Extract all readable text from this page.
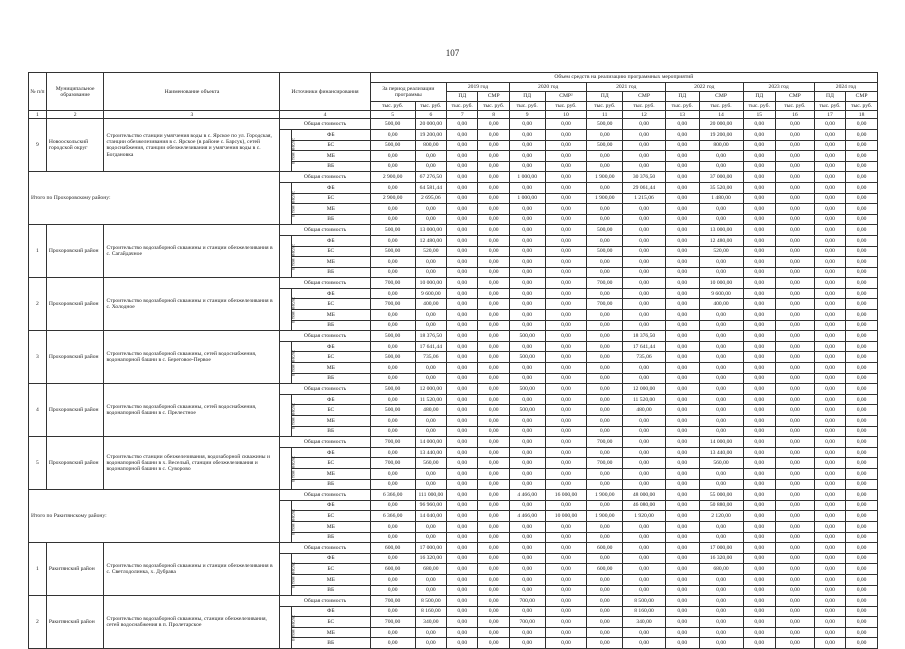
107
№ п/п	Муниципальное образование	Наименование объекта	Источники финансирования		Объем средств на реализацию программных мероприятий													
					За период реализации программы		2019 год		2020 год		2021 год		2022 год		2023 год		2024 год	
							ПД	СМР	ПД	СМР²	ПД	СМР	ПД	СМР	ПД	СМР	ПД	СМР
					тыс. руб.	тыс. руб.	тыс. руб.	тыс. руб.	тыс. руб.	тыс. руб.	тыс. руб.	тыс. руб.	тыс. руб.	тыс. руб.	тыс. руб.	тыс. руб.	тыс. руб.	тыс. руб.
1	2	3	4		5	6	7	8	9	10	11	12	13	14	15	16	17	18
9	Новооскольский городской округ	Строительство станции умягчения воды в с. Ярское по ул. Городская, станции обезжелезивания в с. Ярское (в районе с. Барсук), сетей водоснабжения, станции обезжелезивания и умягчения воды в с. Богдановка	Общая стоимость		500,00	20 000,00	0,00	0,00	0,00	0,00	500,00	0,00	0,00	20 000,00	0,00	0,00	0,00	0,00
			в том числе:	ФБ	0,00	19 200,00	0,00	0,00	0,00	0,00	0,00	0,00	0,00	19 200,00	0,00	0,00	0,00	0,00
				БС	500,00	800,00	0,00	0,00	0,00	0,00	500,00	0,00	0,00	800,00	0,00	0,00	0,00	0,00
				МБ	0,00	0,00	0,00	0,00	0,00	0,00	0,00	0,00	0,00	0,00	0,00	0,00	0,00	0,00
				ВБ	0,00	0,00	0,00	0,00	0,00	0,00	0,00	0,00	0,00	0,00	0,00	0,00	0,00	0,00
Итого по Прохоровскому району:			Общая стоимость		2 900,00	67 276,50	0,00	0,00	1 000,00	0,00	1 900,00	30 376,50	0,00	37 000,00	0,00	0,00	0,00	0,00
			в том числе:	ФБ	0,00	64 581,44	0,00	0,00	0,00	0,00	0,00	29 061,44	0,00	35 520,00	0,00	0,00	0,00	0,00
				БС	2 900,00	2 695,06	0,00	0,00	1 000,00	0,00	1 900,00	1 215,06	0,00	1 480,00	0,00	0,00	0,00	0,00
				МБ	0,00	0,00	0,00	0,00	0,00	0,00	0,00	0,00	0,00	0,00	0,00	0,00	0,00	0,00
				ВБ	0,00	0,00	0,00	0,00	0,00	0,00	0,00	0,00	0,00	0,00	0,00	0,00	0,00	0,00
1	Прохоровский район	Строительство водозаборной скважины и станции обезжелезивания в с. Сагайдачное	Общая стоимость		500,00	13 000,00	0,00	0,00	0,00	0,00	500,00	0,00	0,00	13 000,00	0,00	0,00	0,00	0,00
			в том числе:	ФБ	0,00	12 480,00	0,00	0,00	0,00	0,00	0,00	0,00	0,00	12 480,00	0,00	0,00	0,00	0,00
				БС	500,00	520,00	0,00	0,00	0,00	0,00	500,00	0,00	0,00	520,00	0,00	0,00	0,00	0,00
				МБ	0,00	0,00	0,00	0,00	0,00	0,00	0,00	0,00	0,00	0,00	0,00	0,00	0,00	0,00
				ВБ	0,00	0,00	0,00	0,00	0,00	0,00	0,00	0,00	0,00	0,00	0,00	0,00	0,00	0,00
2	Прохоровский район	Строительство водозаборной скважины и станции обезжелезивания в с. Холодное	Общая стоимость		700,00	10 000,00	0,00	0,00	0,00	0,00	700,00	0,00	0,00	10 000,00	0,00	0,00	0,00	0,00
			в том числе:	ФБ	0,00	9 600,00	0,00	0,00	0,00	0,00	0,00	0,00	0,00	9 600,00	0,00	0,00	0,00	0,00
				БС	700,00	400,00	0,00	0,00	0,00	0,00	700,00	0,00	0,00	400,00	0,00	0,00	0,00	0,00
				МБ	0,00	0,00	0,00	0,00	0,00	0,00	0,00	0,00	0,00	0,00	0,00	0,00	0,00	0,00
				ВБ	0,00	0,00	0,00	0,00	0,00	0,00	0,00	0,00	0,00	0,00	0,00	0,00	0,00	0,00
3	Прохоровский район	Строительство водозаборной скважины, сетей водоснабжения, водонапорной башни в с. Береговое-Первое	Общая стоимость		500,00	18 376,50	0,00	0,00	500,00	0,00	0,00	18 376,50	0,00	0,00	0,00	0,00	0,00	0,00
			в том числе:	ФБ	0,00	17 641,44	0,00	0,00	0,00	0,00	0,00	17 641,44	0,00	0,00	0,00	0,00	0,00	0,00
				БС	500,00	735,06	0,00	0,00	500,00	0,00	0,00	735,06	0,00	0,00	0,00	0,00	0,00	0,00
				МБ	0,00	0,00	0,00	0,00	0,00	0,00	0,00	0,00	0,00	0,00	0,00	0,00	0,00	0,00
				ВБ	0,00	0,00	0,00	0,00	0,00	0,00	0,00	0,00	0,00	0,00	0,00	0,00	0,00	0,00
4	Прохоровский район	Строительство водозаборной скважины, сетей водоснабжения, водонапорной башни в с. Прелестное	Общая стоимость		500,00	12 000,00	0,00	0,00	500,00	0,00	0,00	12 000,00	0,00	0,00	0,00	0,00	0,00	0,00
			в том числе:	ФБ	0,00	11 520,00	0,00	0,00	0,00	0,00	0,00	11 520,00	0,00	0,00	0,00	0,00	0,00	0,00
				БС	500,00	480,00	0,00	0,00	500,00	0,00	0,00	480,00	0,00	0,00	0,00	0,00	0,00	0,00
				МБ	0,00	0,00	0,00	0,00	0,00	0,00	0,00	0,00	0,00	0,00	0,00	0,00	0,00	0,00
				ВБ	0,00	0,00	0,00	0,00	0,00	0,00	0,00	0,00	0,00	0,00	0,00	0,00	0,00	0,00
5	Прохоровский район	Строительство станции обезжелезивания, водозаборной скважины и водонапорной башни в х. Веселый, станции обезжелезивания и водонапорной башни в с. Суворово	Общая стоимость		700,00	14 000,00	0,00	0,00	0,00	0,00	700,00	0,00	0,00	14 000,00	0,00	0,00	0,00	0,00
			в том числе:	ФБ	0,00	13 440,00	0,00	0,00	0,00	0,00	0,00	0,00	0,00	13 440,00	0,00	0,00	0,00	0,00
				БС	700,00	560,00	0,00	0,00	0,00	0,00	700,00	0,00	0,00	560,00	0,00	0,00	0,00	0,00
				МБ	0,00	0,00	0,00	0,00	0,00	0,00	0,00	0,00	0,00	0,00	0,00	0,00	0,00	0,00
				ВБ	0,00	0,00	0,00	0,00	0,00	0,00	0,00	0,00	0,00	0,00	0,00	0,00	0,00	0,00
Итого по Ракитянскому району:			Общая стоимость		6 366,00	111 000,00	0,00	0,00	4 466,00	16 000,00	1 900,00	48 000,00	0,00	55 000,00	0,00	0,00	0,00	0,00
			в том числе:	ФБ	0,00	96 960,00	0,00	0,00	0,00	0,00	0,00	46 080,00	0,00	50 880,00	0,00	0,00	0,00	0,00
				БС	6 366,00	14 040,00	0,00	0,00	4 466,00	10 000,00	1 900,00	1 920,00	0,00	2 120,00	0,00	0,00	0,00	0,00
				МБ	0,00	0,00	0,00	0,00	0,00	0,00	0,00	0,00	0,00	0,00	0,00	0,00	0,00	0,00
				ВБ	0,00	0,00	0,00	0,00	0,00	0,00	0,00	0,00	0,00	0,00	0,00	0,00	0,00	0,00
1	Ракитянский район	Строительство водозаборной скважины и станции обезжелезивания в с. Светлодолинка, х. Дубрава	Общая стоимость		600,00	17 000,00	0,00	0,00	0,00	0,00	600,00	0,00	0,00	17 000,00	0,00	0,00	0,00	0,00
			в том числе:	ФБ	0,00	16 320,00	0,00	0,00	0,00	0,00	0,00	0,00	0,00	16 320,00	0,00	0,00	0,00	0,00
				БС	600,00	680,00	0,00	0,00	0,00	0,00	600,00	0,00	0,00	680,00	0,00	0,00	0,00	0,00
				МБ	0,00	0,00	0,00	0,00	0,00	0,00	0,00	0,00	0,00	0,00	0,00	0,00	0,00	0,00
				ВБ	0,00	0,00	0,00	0,00	0,00	0,00	0,00	0,00	0,00	0,00	0,00	0,00	0,00	0,00
2	Ракитянский район	Строительство водозаборной скважины, станции обезжелезивания, сетей водоснабжения в п. Пролетарское	Общая стоимость		700,00	8 500,00	0,00	0,00	700,00	0,00	0,00	8 500,00	0,00	0,00	0,00	0,00	0,00	0,00
			в том числе:	ФБ	0,00	8 160,00	0,00	0,00	0,00	0,00	0,00	8 160,00	0,00	0,00	0,00	0,00	0,00	0,00
				БС	700,00	340,00	0,00	0,00	700,00	0,00	0,00	340,00	0,00	0,00	0,00	0,00	0,00	0,00
				МБ	0,00	0,00	0,00	0,00	0,00	0,00	0,00	0,00	0,00	0,00	0,00	0,00	0,00	0,00
				ВБ	0,00	0,00	0,00	0,00	0,00	0,00	0,00	0,00	0,00	0,00	0,00	0,00	0,00	0,00
